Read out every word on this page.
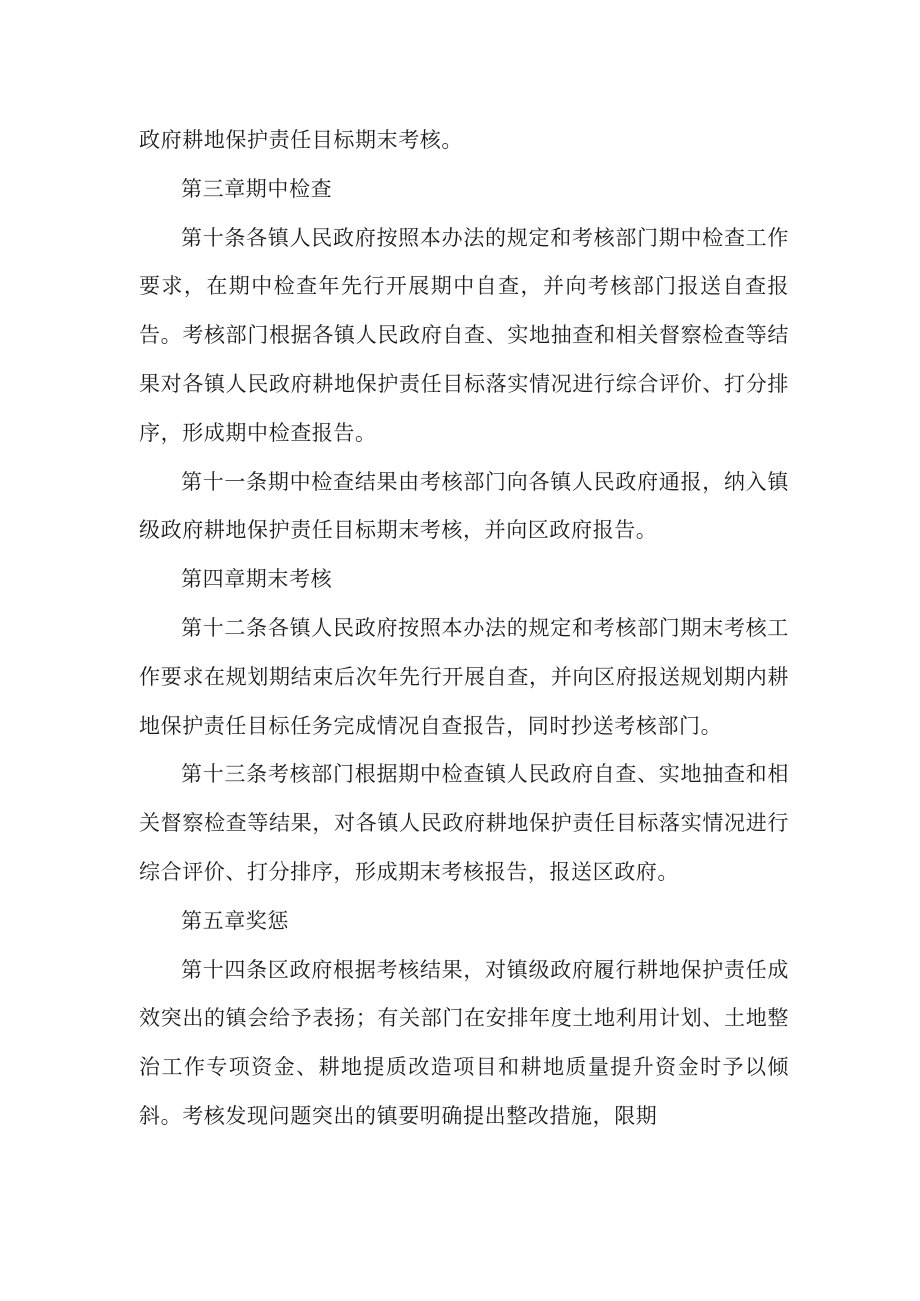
政府耕地保护责任目标期末考核。

第三章期中检查

第十条各镇人民政府按照本办法的规定和考核部门期中检查工作要求，在期中检查年先行开展期中自查，并向考核部门报送自查报告。考核部门根据各镇人民政府自查、实地抽查和相关督察检查等结果对各镇人民政府耕地保护责任目标落实情况进行综合评价、打分排序，形成期中检查报告。

第十一条期中检查结果由考核部门向各镇人民政府通报，纳入镇级政府耕地保护责任目标期末考核，并向区政府报告。

第四章期末考核

第十二条各镇人民政府按照本办法的规定和考核部门期末考核工作要求在规划期结束后次年先行开展自查，并向区府报送规划期内耕地保护责任目标任务完成情况自查报告，同时抄送考核部门。

第十三条考核部门根据期中检查镇人民政府自查、实地抽查和相关督察检查等结果，对各镇人民政府耕地保护责任目标落实情况进行综合评价、打分排序，形成期末考核报告，报送区政府。

第五章奖惩

第十四条区政府根据考核结果，对镇级政府履行耕地保护责任成效突出的镇会给予表扬；有关部门在安排年度土地利用计划、土地整治工作专项资金、耕地提质改造项目和耕地质量提升资金时予以倾斜。考核发现问题突出的镇要明确提出整改措施，限期
